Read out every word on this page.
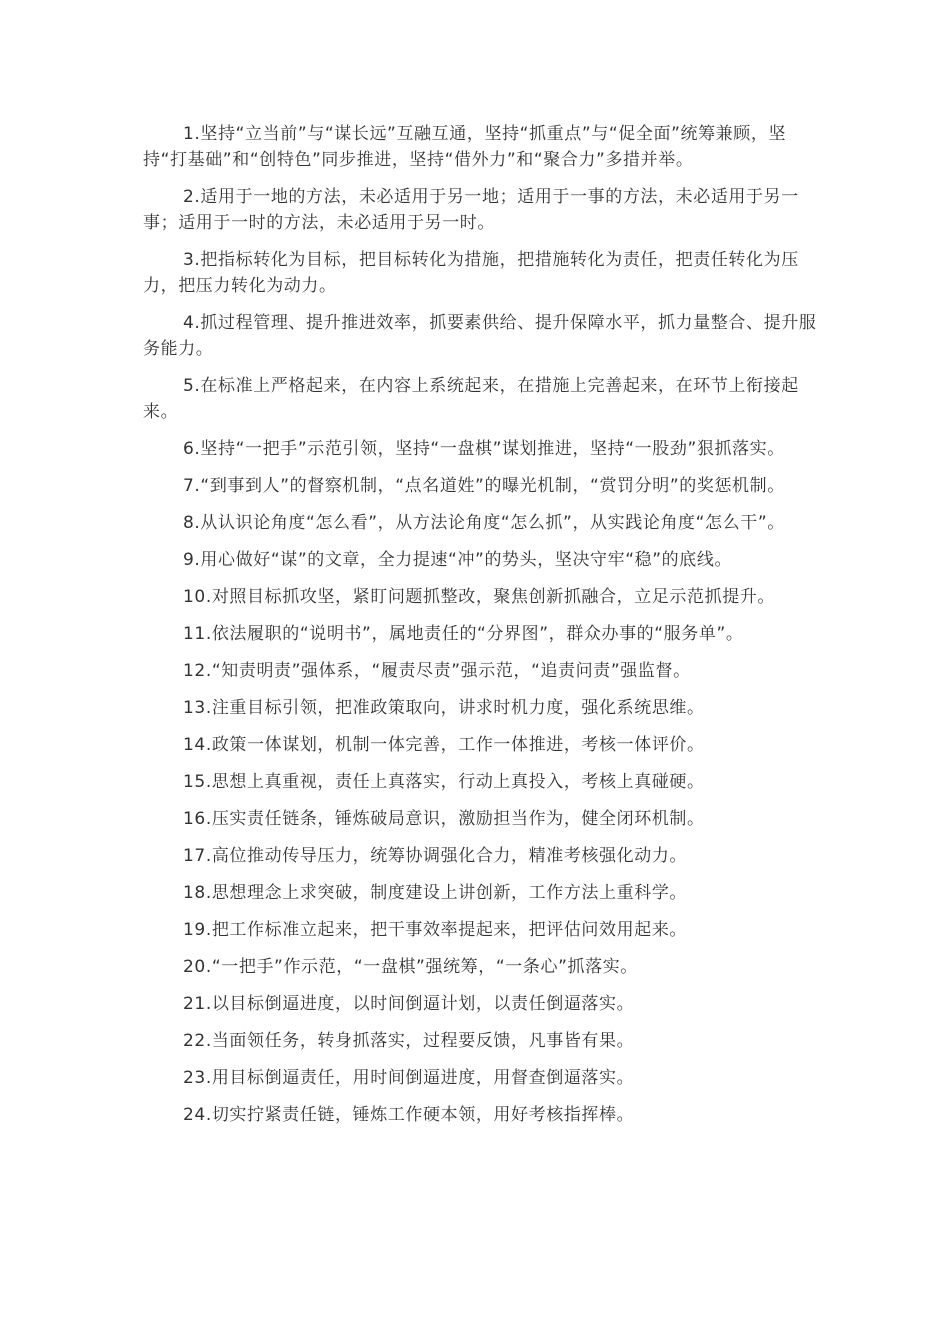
1.坚持“立当前”与“谋长远”互融互通，坚持“抓重点”与“促全面”统筹兼顾，坚持“打基础”和“创特色”同步推进，坚持“借外力”和“聚合力”多措并举。

2.适用于一地的方法，未必适用于另一地；适用于一事的方法，未必适用于另一事；适用于一时的方法，未必适用于另一时。

3.把指标转化为目标，把目标转化为措施，把措施转化为责任，把责任转化为压力，把压力转化为动力。

4.抓过程管理、提升推进效率，抓要素供给、提升保障水平，抓力量整合、提升服务能力。

5.在标准上严格起来，在内容上系统起来，在措施上完善起来，在环节上衔接起来。

6.坚持“一把手”示范引领，坚持“一盘棋”谋划推进，坚持“一股劲”狠抓落实。

7.“到事到人”的督察机制，“点名道姓”的曝光机制，“赏罚分明”的奖惩机制。

8.从认识论角度“怎么看”，从方法论角度“怎么抓”，从实践论角度“怎么干”。

9.用心做好“谋”的文章，全力提速“冲”的势头，坚决守牢“稳”的底线。

10.对照目标抓攻坚，紧盯问题抓整改，聚焦创新抓融合，立足示范抓提升。

11.依法履职的“说明书”，属地责任的“分界图”，群众办事的“服务单”。

12.“知责明责”强体系，“履责尽责”强示范，“追责问责”强监督。

13.注重目标引领，把准政策取向，讲求时机力度，强化系统思维。

14.政策一体谋划，机制一体完善，工作一体推进，考核一体评价。

15.思想上真重视，责任上真落实，行动上真投入，考核上真碰硬。

16.压实责任链条，锤炼破局意识，激励担当作为，健全闭环机制。

17.高位推动传导压力，统筹协调强化合力，精准考核强化动力。

18.思想理念上求突破，制度建设上讲创新，工作方法上重科学。

19.把工作标准立起来，把干事效率提起来，把评估问效用起来。

20.“一把手”作示范，“一盘棋”强统筹，“一条心”抓落实。

21.以目标倒逼进度，以时间倒逼计划，以责任倒逼落实。

22.当面领任务，转身抓落实，过程要反馈，凡事皆有果。

23.用目标倒逼责任，用时间倒逼进度，用督查倒逼落实。

24.切实拧紧责任链，锤炼工作硬本领，用好考核指挥棒。
